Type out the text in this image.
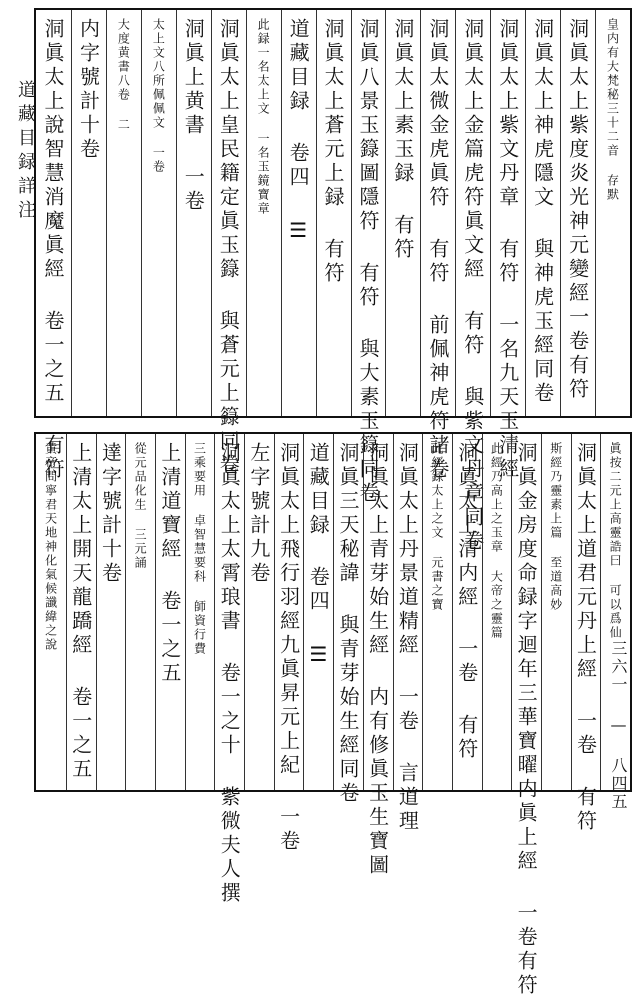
道藏目録詳注
三六一 — 八四五
皇内有大梵秘三十二音 存默
洞眞太上紫度炎光神元變經一卷有符
洞眞太上神虎隱文 與神虎玉經同卷
洞眞太上紫文丹章 有符 一名九天玉清經
洞眞太上金篇虎符眞文經 有符 與紫文丹章同卷
洞眞太微金虎眞符 有符 前佩神虎符諸卷
洞眞太上素玉録 有符
洞眞八景玉籙圖隱符 有符 與大素玉籙同卷
洞眞太上蒼元上録 有符
道藏目録 卷四 ☰
此録一名太上文 一名玉鏡寶章
洞眞太上皇民籍定眞玉籙 與蒼元上籙同卷
洞眞上黄書 一卷
太上文八所佩佩文 一卷
大度黄書八卷 二
内字號計十卷
洞眞太上說智慧消魔眞經 卷一之五 有符
眞按二元上高靈誥曰 可以爲仙
洞眞太上道君元丹上經 一卷 有符
斯經乃靈素上篇 至道高妙
洞眞金房度命録字迴年三華寶曜内眞上經 一卷有符
此經乃高上之玉章 大帝之靈篇
洞眞太上清内經 一卷 有符
此經録太上之文 元書之寶
洞眞太上丹景道精經 一卷 言道理
洞眞太上青芽始生經 内有修眞玉生寶圖
洞眞三天秘諱 與青芽始生經同卷
道藏目録 卷四 ☰
洞眞太上飛行羽經九眞昇元上紀 一卷
左字號計九卷
洞眞太上太霄琅書 卷一之十 紫微夫人撰
三乘要用 卓智慧要科 師資行費
上清道寶經 卷一之五
從元品化生 三元誦
達字號計十卷
上清太上開天龍蹻經 卷一之五
黄帝問寧君天地神化氣候讖緯之說
